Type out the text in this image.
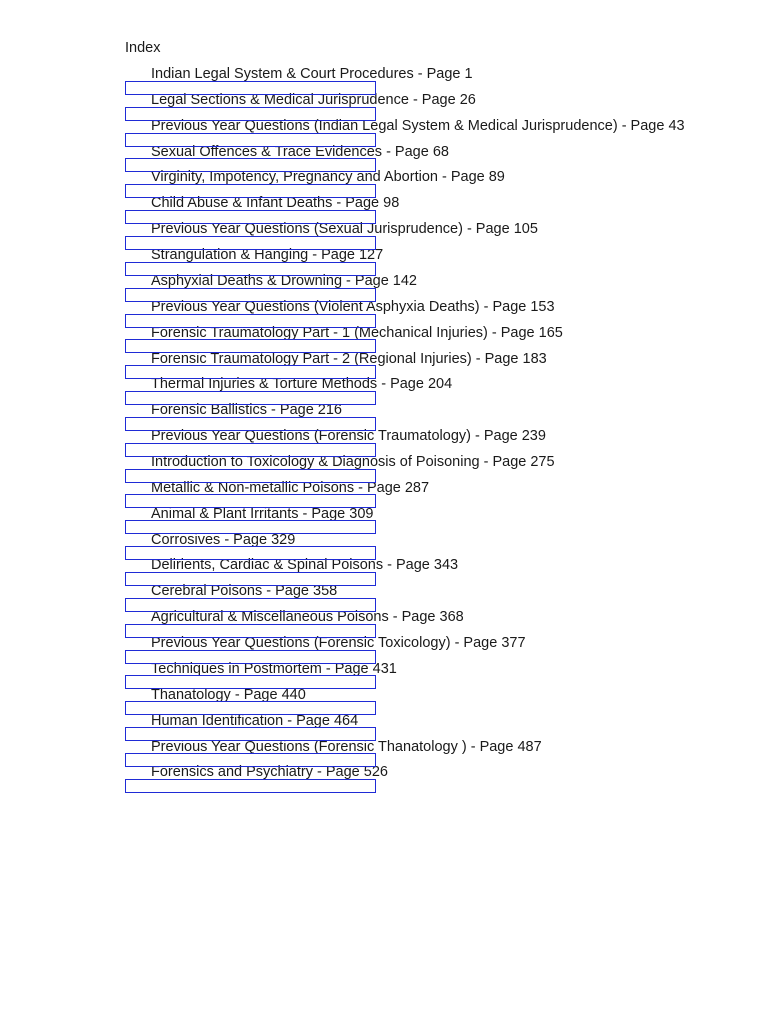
Index
Indian Legal System & Court Procedures - Page 1
Legal Sections & Medical Jurisprudence - Page 26
Previous Year Questions (Indian Legal System & Medical Jurisprudence) - Page 43
Sexual Offences & Trace Evidences - Page 68
Virginity, Impotency, Pregnancy and Abortion - Page 89
Child Abuse & Infant Deaths - Page 98
Previous Year Questions (Sexual Jurisprudence) - Page 105
Strangulation & Hanging - Page 127
Asphyxial Deaths & Drowning - Page 142
Previous Year Questions (Violent Asphyxia Deaths) - Page 153
Forensic Traumatology Part - 1 (Mechanical Injuries) - Page 165
Forensic Traumatology Part - 2 (Regional Injuries) - Page 183
Thermal Injuries & Torture Methods - Page 204
Forensic Ballistics - Page 216
Previous Year Questions (Forensic Traumatology) - Page 239
Introduction to Toxicology & Diagnosis of Poisoning - Page 275
Metallic & Non-metallic Poisons - Page 287
Animal & Plant Irritants - Page 309
Corrosives - Page 329
Delirients, Cardiac & Spinal Poisons - Page 343
Cerebral Poisons - Page 358
Agricultural & Miscellaneous Poisons - Page 368
Previous Year Questions (Forensic Toxicology) - Page 377
Techniques in Postmortem - Page 431
Thanatology - Page 440
Human Identification - Page 464
Previous Year Questions (Forensic Thanatology ) - Page 487
Forensics and Psychiatry - Page 526
